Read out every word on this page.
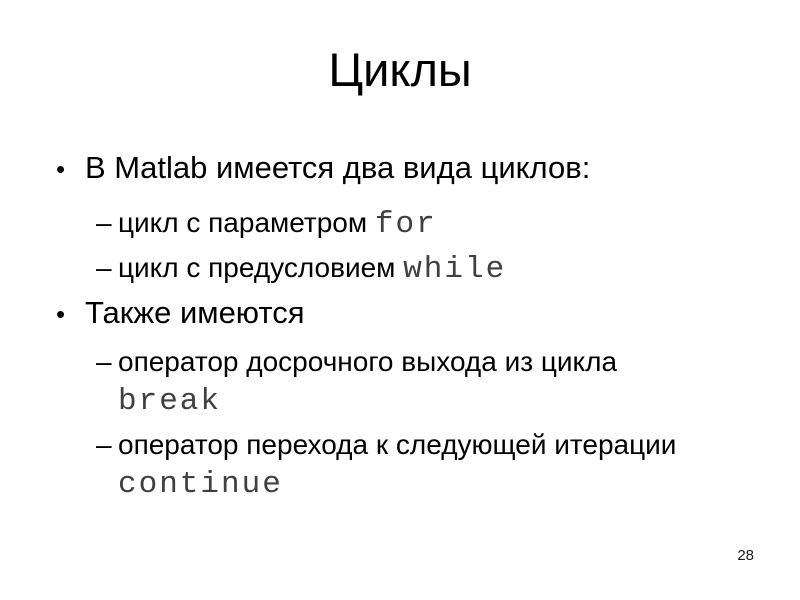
Циклы
• В Matlab имеется два вида циклов:
– цикл с параметром for
– цикл с предусловием while
• Также имеются
– оператор досрочного выхода из цикла
break
– оператор перехода к следующей итерации
continue
28
